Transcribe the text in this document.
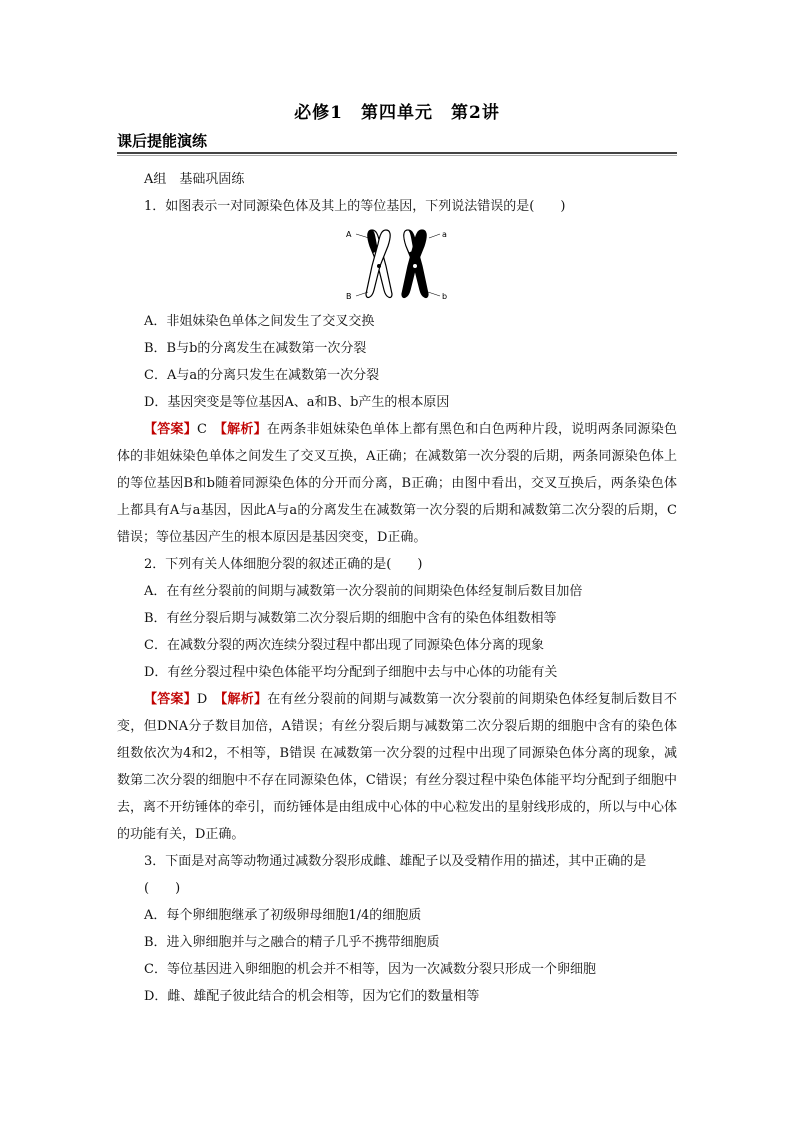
必修1　第四单元　第2讲
课后提能演练

A组　基础巩固练

1．如图表示一对同源染色体及其上的等位基因，下列说法错误的是(　　)

A	a
B	b

A．非姐妹染色单体之间发生了交叉交换

B．B与b的分离发生在减数第一次分裂

C．A与a的分离只发生在减数第一次分裂

D．基因突变是等位基因A、a和B、b产生的根本原因

【答案】C　 【解析】在两条非姐妹染色单体上都有黑色和白色两种片段，说明两条同源染色体的非姐妹染色单体之间发生了交叉互换，A正确；在减数第一次分裂的后期，两条同源染色体上的等位基因B和b随着同源染色体的分开而分离，B正确；由图中看出，交叉互换后，两条染色体上都具有A与a基因，因此A与a的分离发生在减数第一次分裂的后期和减数第二次分裂的后期，C错误；等位基因产生的根本原因是基因突变，D正确。

2．下列有关人体细胞分裂的叙述正确的是(　　)

A．在有丝分裂前的间期与减数第一次分裂前的间期染色体经复制后数目加倍

B．有丝分裂后期与减数第二次分裂后期的细胞中含有的染色体组数相等

C．在减数分裂的两次连续分裂过程中都出现了同源染色体分离的现象

D．有丝分裂过程中染色体能平均分配到子细胞中去与中心体的功能有关

【答案】D　 【解析】在有丝分裂前的间期与减数第一次分裂前的间期染色体经复制后数目不变，但DNA分子数目加倍，A错误；有丝分裂后期与减数第二次分裂后期的细胞中含有的染色体组数依次为4和2，不相等，B错误 在减数第一次分裂的过程中出现了同源染色体分离的现象，减数第二次分裂的细胞中不存在同源染色体，C错误；有丝分裂过程中染色体能平均分配到子细胞中去，离不开纺锤体的牵引，而纺锤体是由组成中心体的中心粒发出的星射线形成的，所以与中心体的功能有关，D正确。

3．下面是对高等动物通过减数分裂形成雌、雄配子以及受精作用的描述，其中正确的是(　　)

A．每个卵细胞继承了初级卵母细胞1/4的细胞质

B．进入卵细胞并与之融合的精子几乎不携带细胞质

C．等位基因进入卵细胞的机会并不相等，因为一次减数分裂只形成一个卵细胞

D．雌、雄配子彼此结合的机会相等，因为它们的数量相等
